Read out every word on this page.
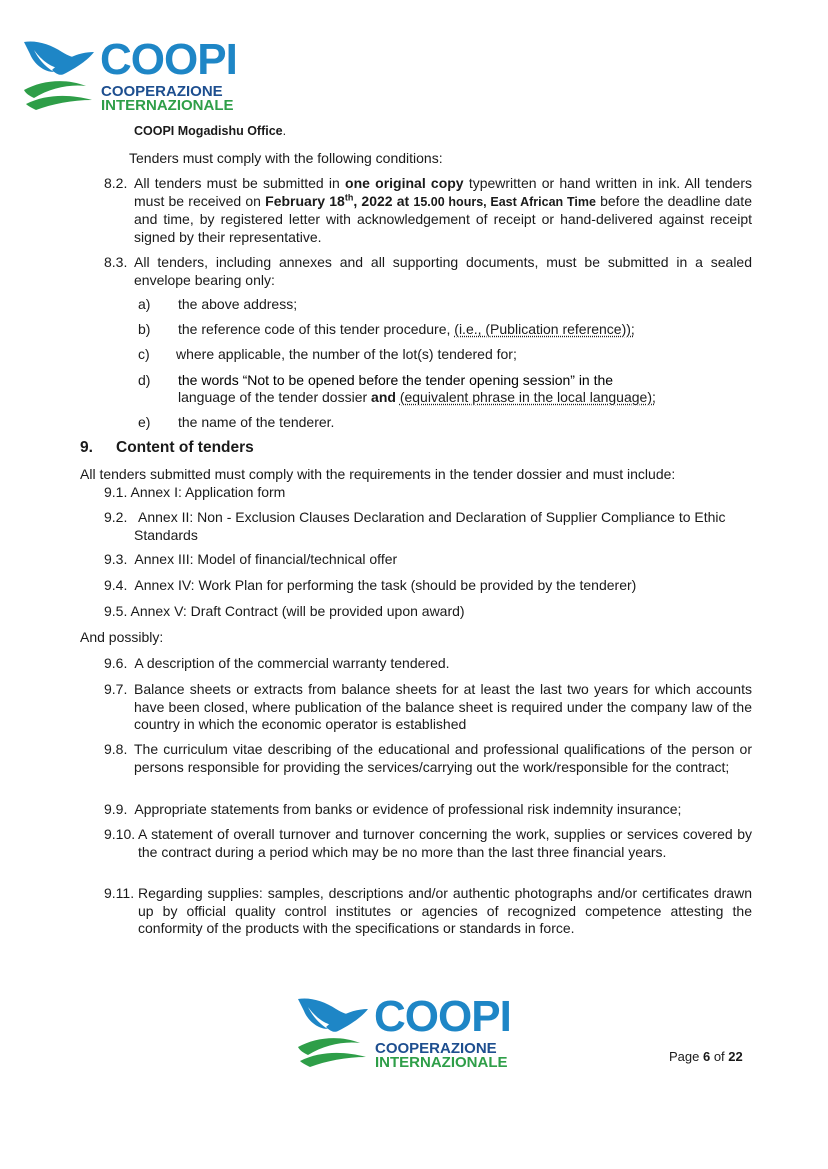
COOPI
COOPERAZIONE
INTERNAZIONALE

COOPI Mogadishu Office.

Tenders must comply with the following conditions:

8.2. All tenders must be submitted in one original copy typewritten or hand written in ink. All tenders must be received on February 18th, 2022 at 15.00 hours, East African Time before the deadline date and time, by registered letter with acknowledgement of receipt or hand-delivered against receipt signed by their representative.

8.3. All tenders, including annexes and all supporting documents, must be submitted in a sealed envelope bearing only:

a) the above address;
b) the reference code of this tender procedure, (i.e., (Publication reference));
c) where applicable, the number of the lot(s) tendered for;
d) the words “Not to be opened before the tender opening session” in the
language of the tender dossier and (equivalent phrase in the local language);
e) the name of the tenderer.
9. Content of tenders

All tenders submitted must comply with the requirements in the tender dossier and must include:

9.1. Annex I: Application form
9.2. Annex II: Non - Exclusion Clauses Declaration and Declaration of Supplier Compliance to Ethic Standards

9.3. Annex III: Model of financial/technical offer
9.4. Annex IV: Work Plan for performing the task (should be provided by the tenderer)
9.5. Annex V: Draft Contract (will be provided upon award)

And possibly:

9.6. A description of the commercial warranty tendered.
9.7. Balance sheets or extracts from balance sheets for at least the last two years for which accounts have been closed, where publication of the balance sheet is required under the company law of the country in which the economic operator is established

9.8. The curriculum vitae describing of the educational and professional qualifications of the person or persons responsible for providing the services/carrying out the work/responsible for the contract;

9.9. Appropriate statements from banks or evidence of professional risk indemnity insurance;
9.10. A statement of overall turnover and turnover concerning the work, supplies or services covered by the contract during a period which may be no more than the last three financial years.

9.11. Regarding supplies: samples, descriptions and/or authentic photographs and/or certificates drawn up by official quality control institutes or agencies of recognized competence attesting the conformity of the products with the specifications or standards in force.

COOPI
COOPERAZIONE
INTERNAZIONALE	Page 6 of 22
